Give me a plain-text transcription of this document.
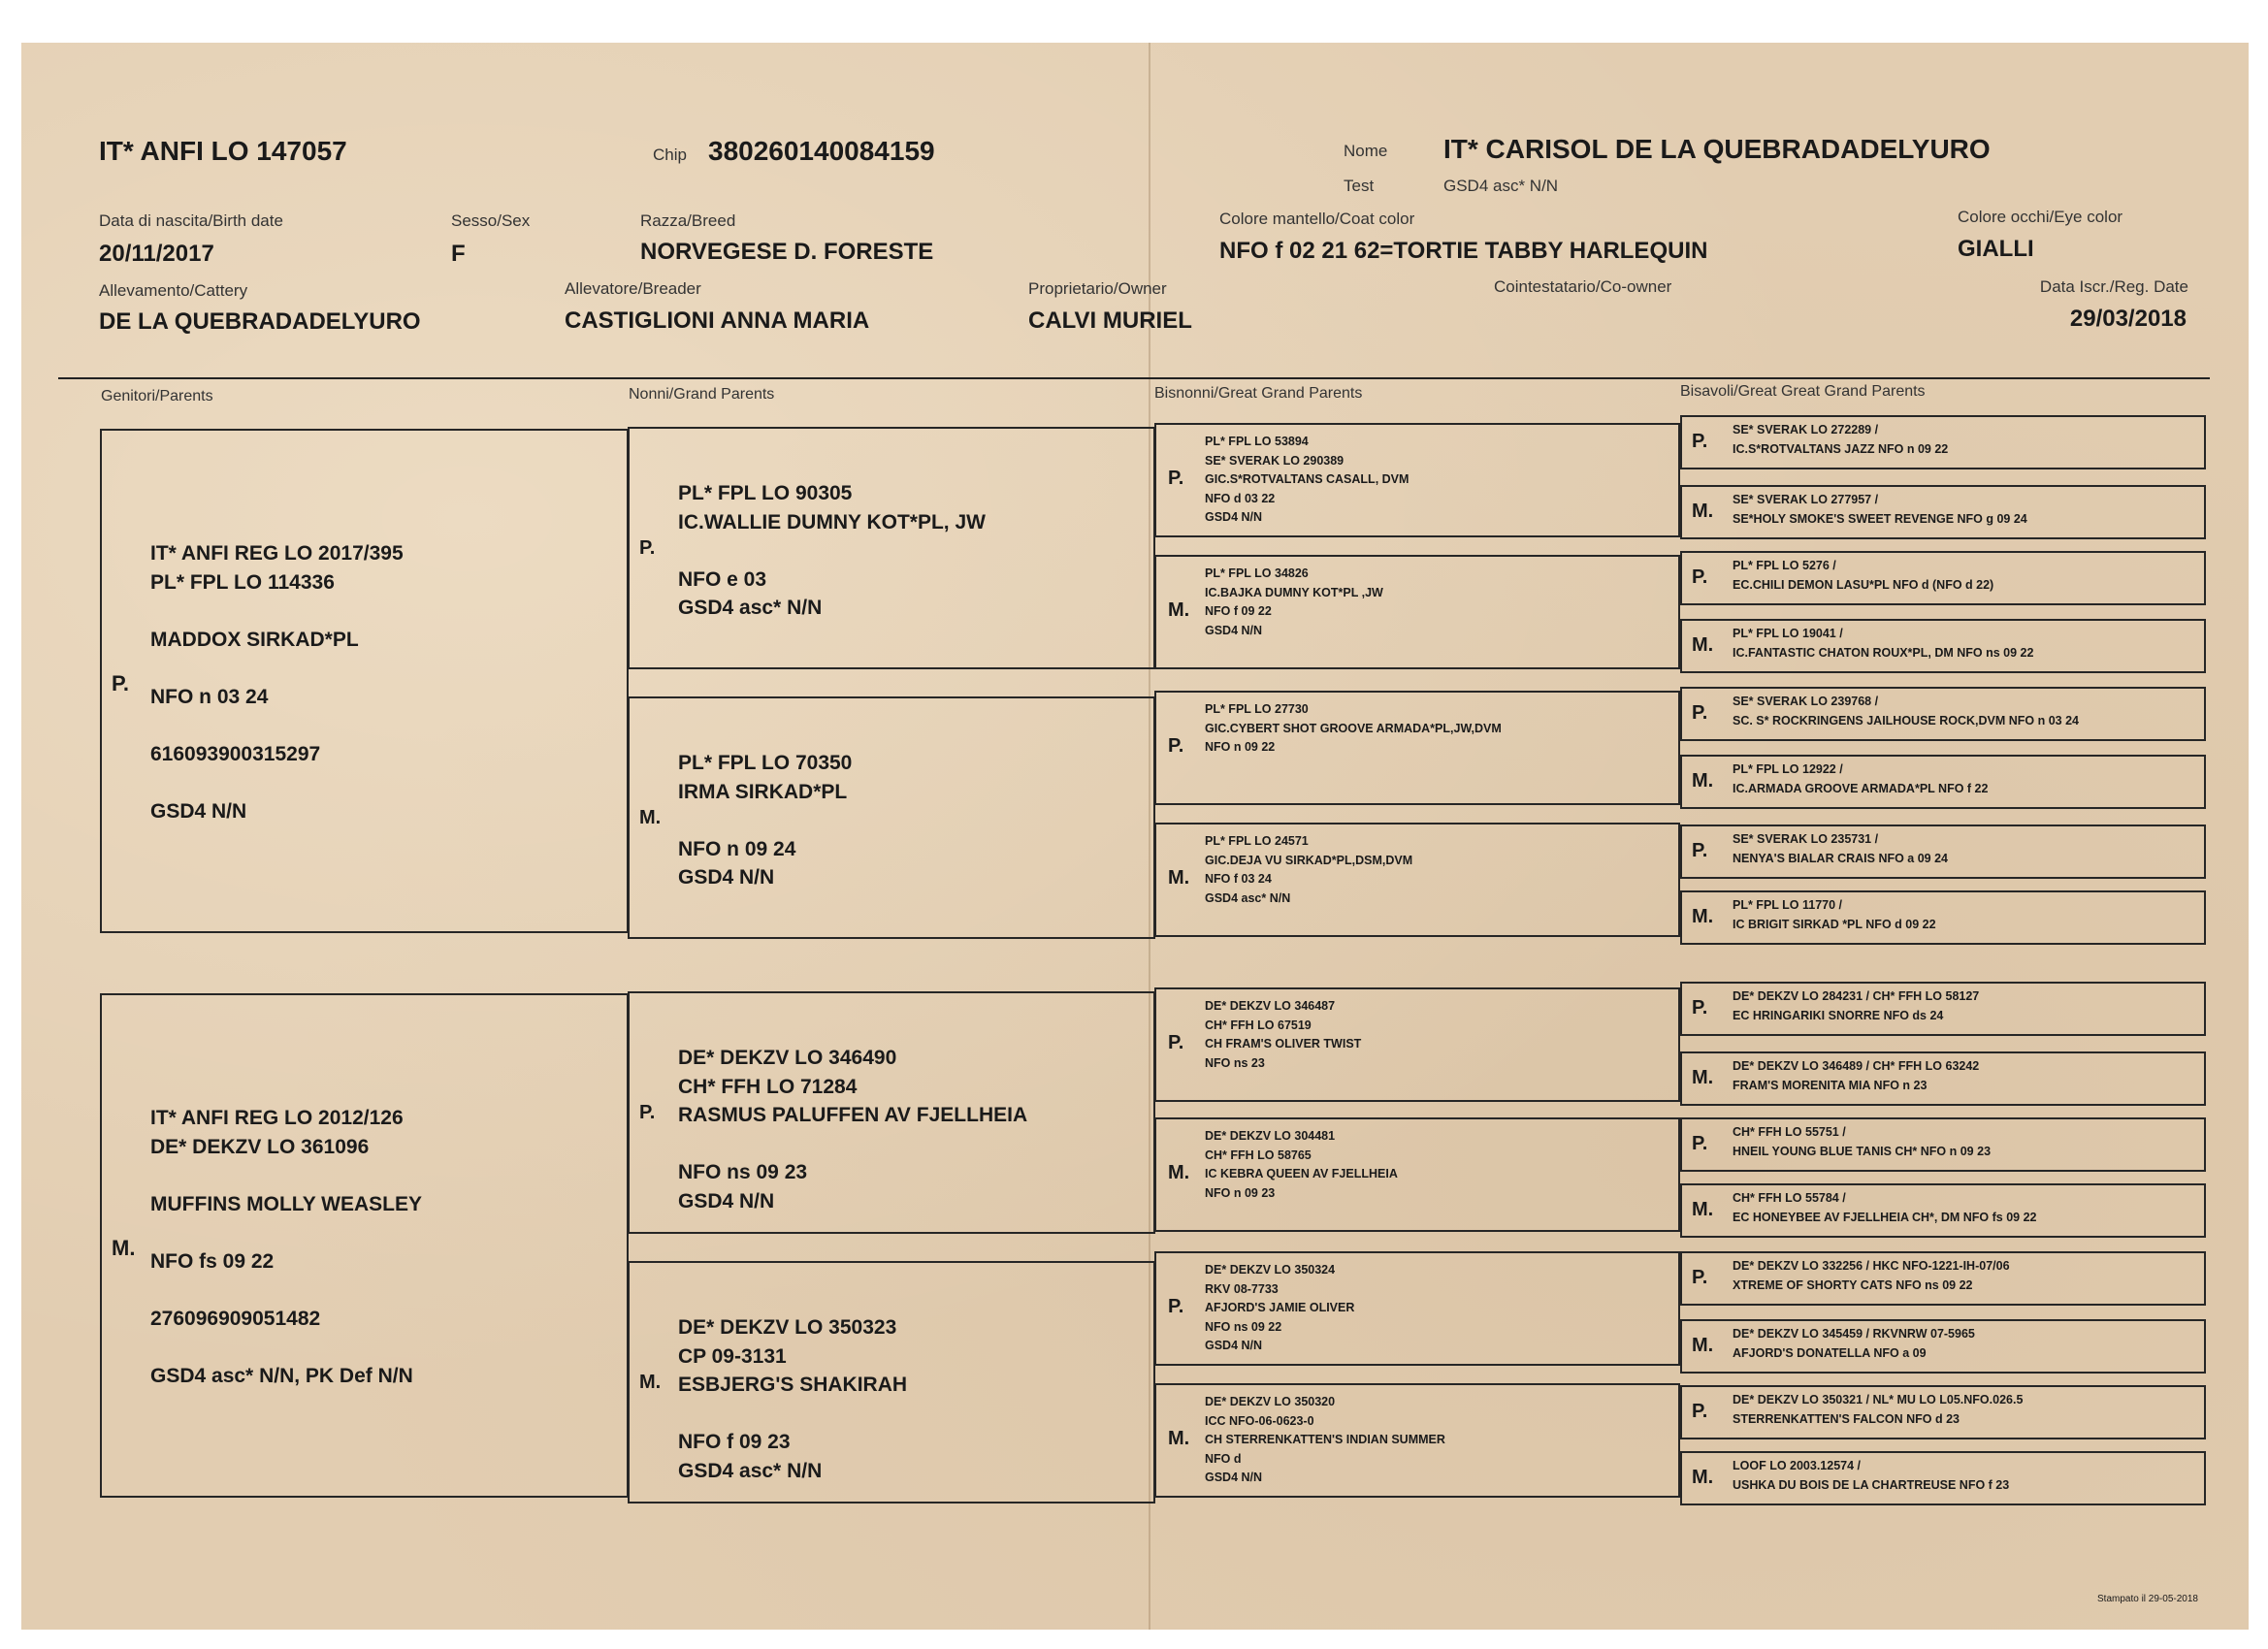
IT* ANFI LO 147057	Chip 380260140084159	Nome IT* CARISOL DE LA QUEBRADADELYURO
Test	GSD4 asc* N/N
Data di nascita/Birth date
20/11/2017
Sesso/Sex
F
Razza/Breed
NORVEGESE D. FORESTE
Colore mantello/Coat color
NFO f 02 21 62=TORTIE TABBY HARLEQUIN
Colore occhi/Eye color
GIALLI
Allevamento/Cattery
DE LA QUEBRADADELYURO
Allevatore/Breader
CASTIGLIONI ANNA MARIA
Proprietario/Owner
CALVI MURIEL
Cointestatario/Co-owner	Data Iscr./Reg. Date
29/03/2018
Genitori/Parents	Nonni/Grand Parents	Bisnonni/Great Grand Parents	Bisavoli/Great Great Grand Parents
P.
IT* ANFI REG LO 2017/395
PL* FPL LO 114336
MADDOX SIRKAD*PL
NFO n 03 24
616093900315297
GSD4 N/N
M.
IT* ANFI REG LO 2012/126
DE* DEKZV LO 361096
MUFFINS MOLLY WEASLEY
NFO fs 09 22
276096909051482
GSD4 asc* N/N, PK Def N/N
P.
PL* FPL LO 90305
IC.WALLIE DUMNY KOT*PL, JW

NFO e 03
GSD4 asc* N/N
M.
PL* FPL LO 70350
IRMA SIRKAD*PL

NFO n 09 24
GSD4 N/N
P.
DE* DEKZV LO 346490
CH* FFH LO 71284
RASMUS PALUFFEN AV FJELLHEIA

NFO ns 09 23
GSD4 N/N
M.
DE* DEKZV LO 350323
CP 09-3131
ESBJERG'S SHAKIRAH

NFO f 09 23
GSD4 asc* N/N
P.
PL* FPL LO 53894
SE* SVERAK LO 290389
GIC.S*ROTVALTANS CASALL, DVM
NFO d 03 22
GSD4 N/N
M.
PL* FPL LO 34826
IC.BAJKA DUMNY KOT*PL ,JW
NFO f 09 22
GSD4 N/N
P.
PL* FPL LO 27730
GIC.CYBERT SHOT GROOVE ARMADA*PL,JW,DVM
NFO n 09 22
M.
PL* FPL LO 24571
GIC.DEJA VU SIRKAD*PL,DSM,DVM
NFO f 03 24
GSD4 asc* N/N
P.
DE* DEKZV LO 346487
CH* FFH LO 67519
CH FRAM'S OLIVER TWIST
NFO ns 23
M.
DE* DEKZV LO 304481
CH* FFH LO 58765
IC KEBRA QUEEN AV FJELLHEIA
NFO n 09 23
P.
DE* DEKZV LO 350324
RKV 08-7733
AFJORD'S JAMIE OLIVER
NFO ns 09 22
GSD4 N/N
M.
DE* DEKZV LO 350320
ICC NFO-06-0623-0
CH STERRENKATTEN'S INDIAN SUMMER
NFO d
GSD4 N/N
P.
SE* SVERAK LO 272289 /
IC.S*ROTVALTANS JAZZ NFO n 09 22
M.
SE* SVERAK LO 277957 /
SE*HOLY SMOKE'S SWEET REVENGE NFO g 09 24
P.
PL* FPL LO 5276 /
EC.CHILI DEMON LASU*PL NFO d (NFO d 22)
M.
PL* FPL LO 19041 /
IC.FANTASTIC CHATON ROUX*PL, DM NFO ns 09 22
P.
SE* SVERAK LO 239768 /
SC. S* ROCKRINGENS JAILHOUSE ROCK,DVM NFO n 03 24
M.
PL* FPL LO 12922 /
IC.ARMADA GROOVE ARMADA*PL NFO f 22
P.
SE* SVERAK LO 235731 /
NENYA'S BIALAR CRAIS NFO a 09 24
M.
PL* FPL LO 11770 /
IC BRIGIT SIRKAD *PL NFO d 09 22
P.
DE* DEKZV LO 284231 / CH* FFH LO 58127
EC HRINGARIKI SNORRE NFO ds 24
M.
DE* DEKZV LO 346489 / CH* FFH LO 63242
FRAM'S MORENITA MIA NFO n 23
P.
CH* FFH LO 55751 /
HNEIL YOUNG BLUE TANIS CH* NFO n 09 23
M.
CH* FFH LO 55784 /
EC HONEYBEE AV FJELLHEIA CH*, DM NFO fs 09 22
P.
DE* DEKZV LO 332256 / HKC NFO-1221-IH-07/06
XTREME OF SHORTY CATS NFO ns 09 22
M.
DE* DEKZV LO 345459 / RKVNRW 07-5965
AFJORD'S DONATELLA NFO a 09
P.
DE* DEKZV LO 350321 / NL* MU LO L05.NFO.026.5
STERRENKATTEN'S FALCON NFO d 23
M.
LOOF LO 2003.12574 /
USHKA DU BOIS DE LA CHARTREUSE NFO f 23
Stampato il 29-05-2018
